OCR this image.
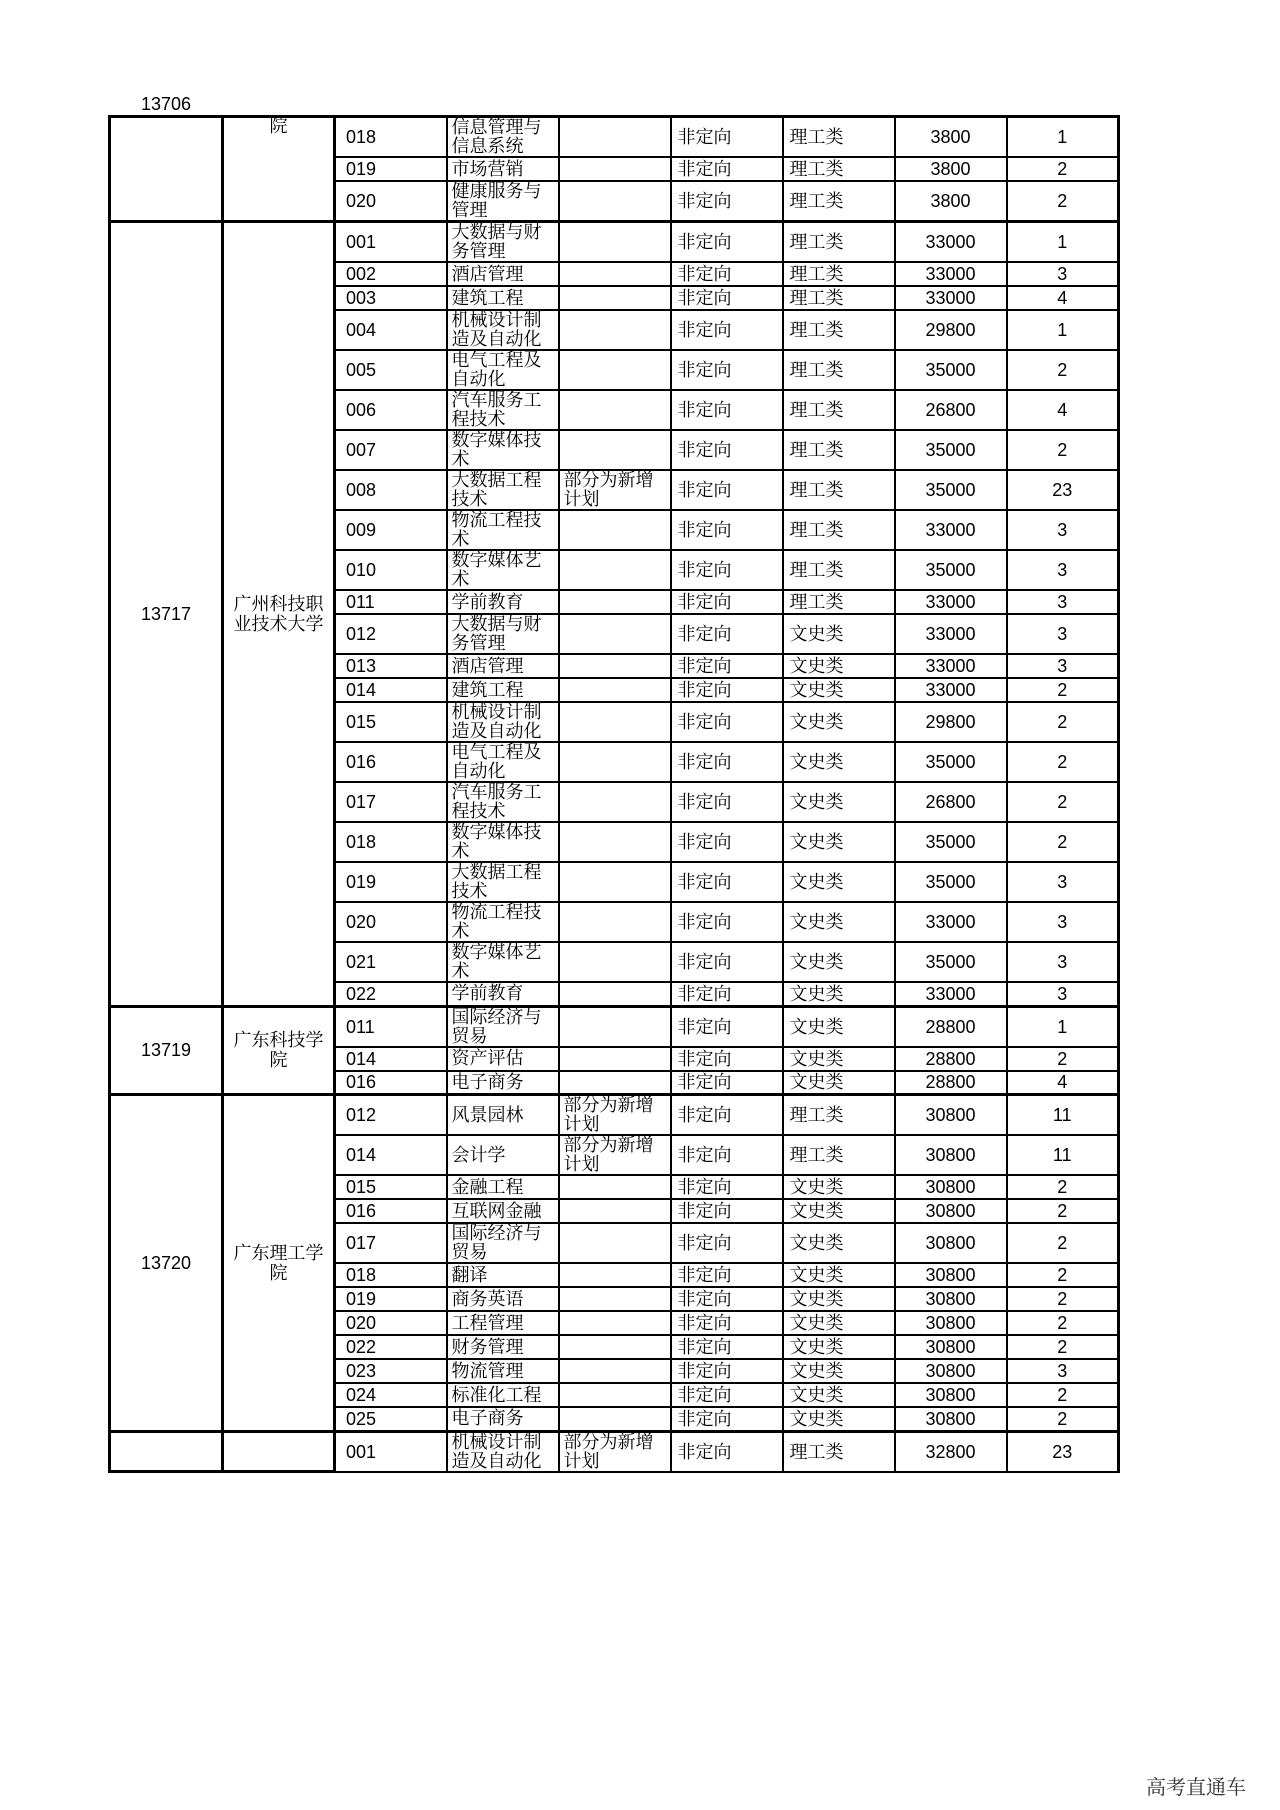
13706	院	018	信息管理与信息系统		非定向	理工类	3800	1
		019	市场营销		非定向	理工类	3800	2
		020	健康服务与管理		非定向	理工类	3800	2
13717	广州科技职业技术大学	001	大数据与财务管理		非定向	理工类	33000	1
		002	酒店管理		非定向	理工类	33000	3
		003	建筑工程		非定向	理工类	33000	4
		004	机械设计制造及自动化		非定向	理工类	29800	1
		005	电气工程及自动化		非定向	理工类	35000	2
		006	汽车服务工程技术		非定向	理工类	26800	4
		007	数字媒体技术		非定向	理工类	35000	2
		008	大数据工程技术	部分为新增计划	非定向	理工类	35000	23
		009	物流工程技术		非定向	理工类	33000	3
		010	数字媒体艺术		非定向	理工类	35000	3
		011	学前教育		非定向	理工类	33000	3
		012	大数据与财务管理		非定向	文史类	33000	3
		013	酒店管理		非定向	文史类	33000	3
		014	建筑工程		非定向	文史类	33000	2
		015	机械设计制造及自动化		非定向	文史类	29800	2
		016	电气工程及自动化		非定向	文史类	35000	2
		017	汽车服务工程技术		非定向	文史类	26800	2
		018	数字媒体技术		非定向	文史类	35000	2
		019	大数据工程技术		非定向	文史类	35000	3
		020	物流工程技术		非定向	文史类	33000	3
		021	数字媒体艺术		非定向	文史类	35000	3
		022	学前教育		非定向	文史类	33000	3
13719	广东科技学院	011	国际经济与贸易		非定向	文史类	28800	1
		014	资产评估		非定向	文史类	28800	2
		016	电子商务		非定向	文史类	28800	4
13720	广东理工学院	012	风景园林	部分为新增计划	非定向	理工类	30800	11
		014	会计学	部分为新增计划	非定向	理工类	30800	11
		015	金融工程		非定向	文史类	30800	2
		016	互联网金融		非定向	文史类	30800	2
		017	国际经济与贸易		非定向	文史类	30800	2
		018	翻译		非定向	文史类	30800	2
		019	商务英语		非定向	文史类	30800	2
		020	工程管理		非定向	文史类	30800	2
		022	财务管理		非定向	文史类	30800	2
		023	物流管理		非定向	文史类	30800	3
		024	标准化工程		非定向	文史类	30800	2
		025	电子商务		非定向	文史类	30800	2
		001	机械设计制造及自动化	部分为新增计划	非定向	理工类	32800	23
高考直通车
